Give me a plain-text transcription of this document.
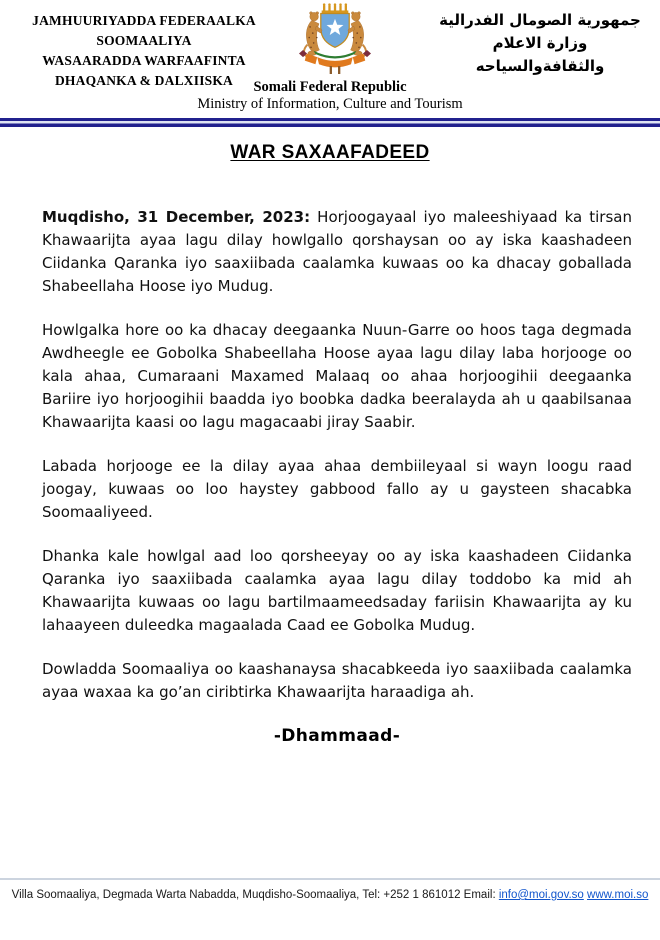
JAMHUURIYADDA FEDERAALKA
SOOMAALIYA
WASAARADDA WARFAAFINTA
DHAQANKA & DALXIISKA
جمهورية الصومال الفدرالية
وزارة الاعلام
والثقافةوالسياحه
Somali Federal Republic
Ministry of Information, Culture and Tourism
WAR SAXAAFADEED

Muqdisho, 31 December, 2023: Horjoogayaal iyo maleeshiyaad ka tirsan Khawaarijta ayaa lagu dilay howlgallo qorshaysan oo ay iska kaashadeen Ciidanka Qaranka iyo saaxiibada caalamka kuwaas oo ka dhacay goballada Shabeellaha Hoose iyo Mudug.

Howlgalka hore oo ka dhacay deegaanka Nuun-Garre oo hoos taga degmada Awdheegle ee Gobolka Shabeellaha Hoose ayaa lagu dilay laba horjooge oo kala ahaa, Cumaraani Maxamed Malaaq oo ahaa horjoogihii deegaanka Bariire iyo horjoogihii baadda iyo boobka dadka beeralayda ah u qaabilsanaa Khawaarijta kaasi oo lagu magacaabi jiray Saabir.

Labada horjooge ee la dilay ayaa ahaa dembiileyaal si wayn loogu raad joogay, kuwaas oo loo haystey gabbood fallo ay u gaysteen shacabka Soomaaliyeed.

Dhanka kale howlgal aad loo qorsheeyay oo ay iska kaashadeen Ciidanka Qaranka iyo saaxiibada caalamka ayaa lagu dilay toddobo ka mid ah Khawaarijta kuwaas oo lagu bartilmaameedsaday fariisin Khawaarijta ay ku lahaayeen duleedka magaalada Caad ee Gobolka Mudug.

Dowladda Soomaaliya oo kaashanaysa shacabkeeda iyo saaxiibada caalamka ayaa waxaa ka go’an ciribtirka Khawaarijta haraadiga ah.

-Dhammaad-
Villa Soomaaliya, Degmada Warta Nabadda, Muqdisho-Soomaaliya, Tel: +252 1 861012 Email: info@moi.gov.so www.moi.so
